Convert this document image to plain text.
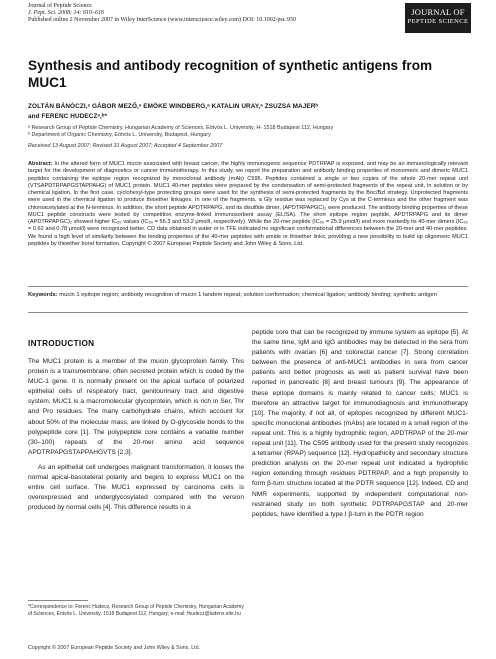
Journal of Peptide Science
J. Pept. Sci. 2008; 14: 610–616
Published online 2 November 2007 in Wiley InterScience (www.interscience.wiley.com) DOI: 10.1002/psc.950
JOURNAL OF
PEPTIDE SCIENCE
Synthesis and antibody recognition of synthetic antigens from MUC1
ZOLTÁN BÁNÓCZI,ᵃ GÁBOR MEZŐ,ᵃ EMÖKE WINDBERG,ᵃ KATALIN URAY,ᵃ ZSUZSA MAJERᵇ
and FERENC HUDECZᵃ,ᵇ*
ᵃ Research Group of Peptide Chemistry, Hungarian Academy of Sciences, Eötvös L. University, H- 1518 Budapest 112, Hungary
ᵇ Department of Organic Chemistry, Eötvös L. University, Budapest, Hungary
Received 13 August 2007; Revised 31 August 2007; Accepted 4 September 2007
Abstract: In the altered form of MUC1 mucin associated with breast cancer, the highly immunogenic sequence PDTRPAP is exposed, and may be an immunologically relevant target for the development of diagnostics or cancer immunotherapy. In this study, we report the preparation and antibody binding properties of monomeric and dimeric MUC1 peptides containing the epitope region recognized by monoclonal antibody (mAb) C595. Peptides contained a single or two copies of the whole 20-mer repeat unit (VTSAPDTRPAPGSTAPPAHG) of MUC1 protein. MUC1 40-mer peptides were prepared by the condensation of semi-protected fragments of the repeat unit, in solution or by chemical ligation. In the first case, cyclohexyl-type protecting groups were used for the synthesis of semi-protected fragments by the Boc/Bzl strategy. Unprotected fragments were used in the chemical ligation to produce thioether linkages. In one of the fragments, a Gly residue was replaced by Cys at the C-terminus and the other fragment was chloroacetylated at the N-terminus. In addition, the short peptide APDTRPAPG, and its disulfide dimer, (APDTRPAPGC)₂ were produced. The antibody binding properties of these MUC1 peptide constructs were tested by competition enzyme-linked immunosorbent assay (ELISA). The short epitope region peptide, APDTRPAPG and its dimer (APDTRPAPGC)₂ showed higher IC₅₀ values (IC₅₀ = 56.3 and 53.2 μmol/l, respectively). While the 20-mer peptide (IC₅₀ = 25.9 μmol/l) and more markedly its 40-mer dimers (IC₅₀ = 0.62 and 0.78 μmol/l) were recognized better. CD data obtained in water or in TFE indicated no significant conformational differences between the 20-mer and 40-mer peptides. We found a high level of similarity between the binding properties of the 40-mer peptides with amide or thioether links, providing a new possibility to build up oligomeric MUC1 peptides by thioether bond formation. Copyright © 2007 European Peptide Society and John Wiley & Sons, Ltd.
Keywords: mucin 1 epitope region; antibody recognition of mucin 1 tandem repeat; solution conformation; chemical ligation; antibody binding; synthetic antigen
INTRODUCTION

The MUC1 protein is a member of the mucin glycoprotein family. This protein is a transmembrane, often secreted protein which is coded by the MUC-1 gene. It is normally present on the apical surface of polarized epithelial cells of respiratory tract, genitourinary tract and digestive system. MUC1 is a macromolecular glycoprotein, which is rich in Ser, Thr and Pro residues. The many carbohydrate chains, which account for about 50% of the molecular mass, are linked by O-glycoside bonds to the polypeptide core [1]. The polypeptide core contains a variable number (30–100) repeats of the 20-mer amino acid sequence APDTRPAPGSTAPPAHGVTS [2,3].

As an epithelial cell undergoes malignant transformation, it looses the normal apical-basolateral polarity and begins to express MUC1 on the entire cell surface. The MUC1 expressed by carcinoma cells is overexpressed and underglycosylated compared with the version produced by normal cells [4]. This difference results in a

peptide core that can be recognized by immune system as epitope [5]. At the same time, IgM and IgG antibodies may be detected in the sera from patients with ovarian [6] and colorectal cancer [7]. Strong correlation between the presence of anti-MUC1 antibodies in sera from cancer patients and better prognosis as well as patient survival have been reported in pancreatic [8] and breast tumours [9]. The appearance of these epitope domains is mainly related to cancer cells; MUC1 is therefore an attractive target for immunodiagnosis and immunotherapy [10]. The majority, if not all, of epitopes recognized by different MUC1-specific monoclonal antibodies (mAbs) are located in a small region of the repeat unit. This is a highly hydrophilic region, APDTRPAP of the 20-mer repeat unit [11]. The C595 antibody used for the present study recognizes a tetramer (RPAP) sequence [12]. Hydropathicity and secondary structure prediction analysis on the 20-mer repeat unit indicated a hydrophilic region extending through residues PDTRPAP, and a high propensity to form β-turn structure located at the PDTR sequence [12]. Indeed, CD and NMR experiments, supported by independent computational non-restrained study on both synthetic PDTRPAPGSTAP and 20-mer peptides, have identified a type I β-turn in the PDTR region

*Correspondence to: Ferenc Hudecz, Research Group of Peptide Chemistry, Hungarian Academy of Sciences, Eötvös L. University, 1518 Budapest 112, Hungary; e-mail: fhudecz@ludens.elte.hu
Copyright © 2007 European Peptide Society and John Wiley & Sons, Ltd.
